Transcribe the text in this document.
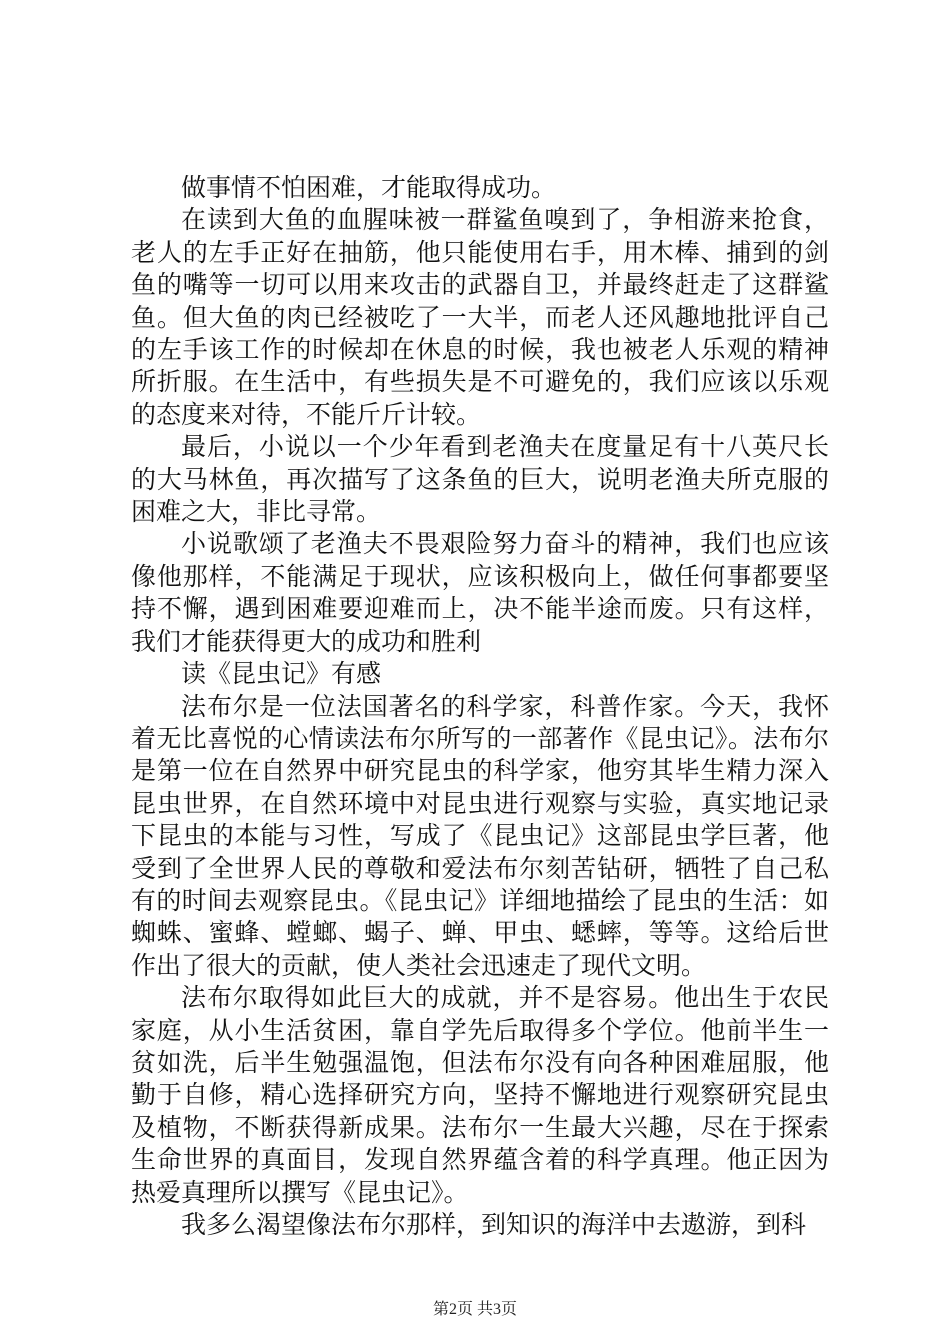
做事情不怕困难，才能取得成功。

在读到大鱼的血腥味被一群鲨鱼嗅到了，争相游来抢食，老人的左手正好在抽筋，他只能使用右手，用木棒、捕到的剑鱼的嘴等一切可以用来攻击的武器自卫，并最终赶走了这群鲨鱼。但大鱼的肉已经被吃了一大半，而老人还风趣地批评自己的左手该工作的时候却在休息的时候，我也被老人乐观的精神所折服。在生活中，有些损失是不可避免的，我们应该以乐观的态度来对待，不能斤斤计较。

最后，小说以一个少年看到老渔夫在度量足有十八英尺长的大马林鱼，再次描写了这条鱼的巨大，说明老渔夫所克服的困难之大，非比寻常。

小说歌颂了老渔夫不畏艰险努力奋斗的精神，我们也应该像他那样，不能满足于现状，应该积极向上，做任何事都要坚持不懈，遇到困难要迎难而上，决不能半途而废。只有这样，我们才能获得更大的成功和胜利

读《昆虫记》有感

法布尔是一位法国著名的科学家，科普作家。今天，我怀着无比喜悦的心情读法布尔所写的一部著作《昆虫记》。法布尔是第一位在自然界中研究昆虫的科学家，他穷其毕生精力深入昆虫世界，在自然环境中对昆虫进行观察与实验，真实地记录下昆虫的本能与习性，写成了《昆虫记》这部昆虫学巨著，他受到了全世界人民的尊敬和爱法布尔刻苦钻研，牺牲了自己私有的时间去观察昆虫。《昆虫记》详细地描绘了昆虫的生活：如蜘蛛、蜜蜂、螳螂、蝎子、蝉、甲虫、蟋蟀，等等。这给后世作出了很大的贡献，使人类社会迅速走了现代文明。

法布尔取得如此巨大的成就，并不是容易。他出生于农民家庭，从小生活贫困，靠自学先后取得多个学位。他前半生一贫如洗，后半生勉强温饱，但法布尔没有向各种困难屈服，他勤于自修，精心选择研究方向，坚持不懈地进行观察研究昆虫及植物，不断获得新成果。法布尔一生最大兴趣，尽在于探索生命世界的真面目，发现自然界蕴含着的科学真理。他正因为热爱真理所以撰写《昆虫记》。

我多么渴望像法布尔那样，到知识的海洋中去遨游，到科

第2页 共3页
